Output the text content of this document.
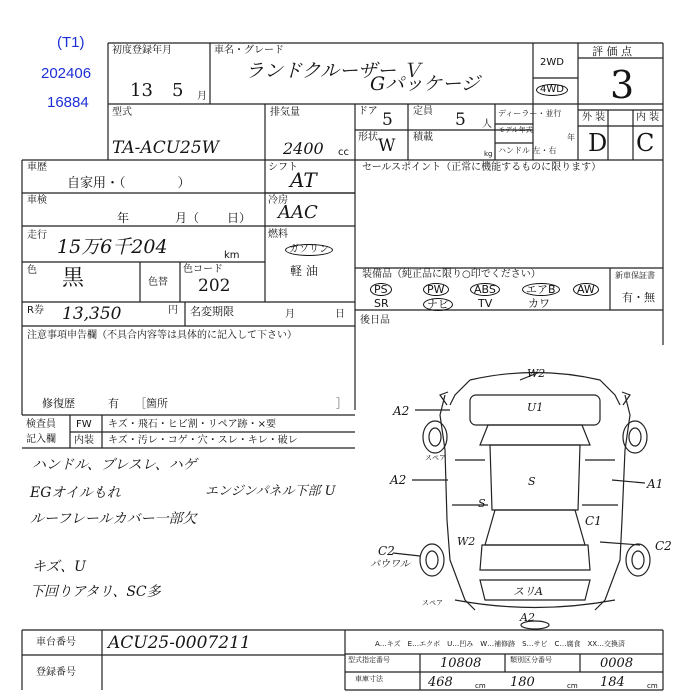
(T1)
202406
16884
初度登録年月	車名・グレード
13 5 月
ランドクルーザー Ｖ
Gパッケージ
2WD
4WD
評 価 点
3
型式
TA-ACU25W
排気量
2400 cc
ドア 5 定員 5 人
形状 W 積載
kg
ディーラー・並行
モデル年式
年
ハンドル 左・右
外 装	内 装
D C
車歴
自家用・（　　　　）
車検
年	月（ 日）
走行
15万6千204	km
色 黒	色替
色コード
202
シフト
AT
冷房
AAC
燃料
ガソリン
軽 油
R券 13,350	円 名変期限	月	日
セールスポイント（正常に機能するものに限ります）
装備品（純正品に限り○印でください）	新車保証書
有・無
PS	PW	ABS	エアB	AW
SR	ナビ	TV	カワ
後日品
注意事項申告欄（不具合内容等は具体的に記入して下さい）
修復歴	有 ［箇所	］
検査員
記入欄
FW キズ・飛石・ヒビ割・リペア跡・×要
内装 キズ・汚レ・コゲ・穴・スレ・キレ・破レ
ハンドル、ブレスレ、ハゲ
EGオイルもれ
ルーフレールカバー一部欠
キズ、U
下回りアタリ、SC多
エンジンパネル下部 U
W2
U1
A2
A2	A1
S
S
C2	C2
C1
W2
パウワル
スリA
A2
スペア
スペア
車台番号 ACU25-0007211
登録番号
A…キズ　E…エクボ　U…凹み　W…補修跡　S…サビ　C…腐食　XX…交換済
型式指定番号	10808	類別区分番号	0008
車庫寸法	468	cm 180	cm 184	cm
